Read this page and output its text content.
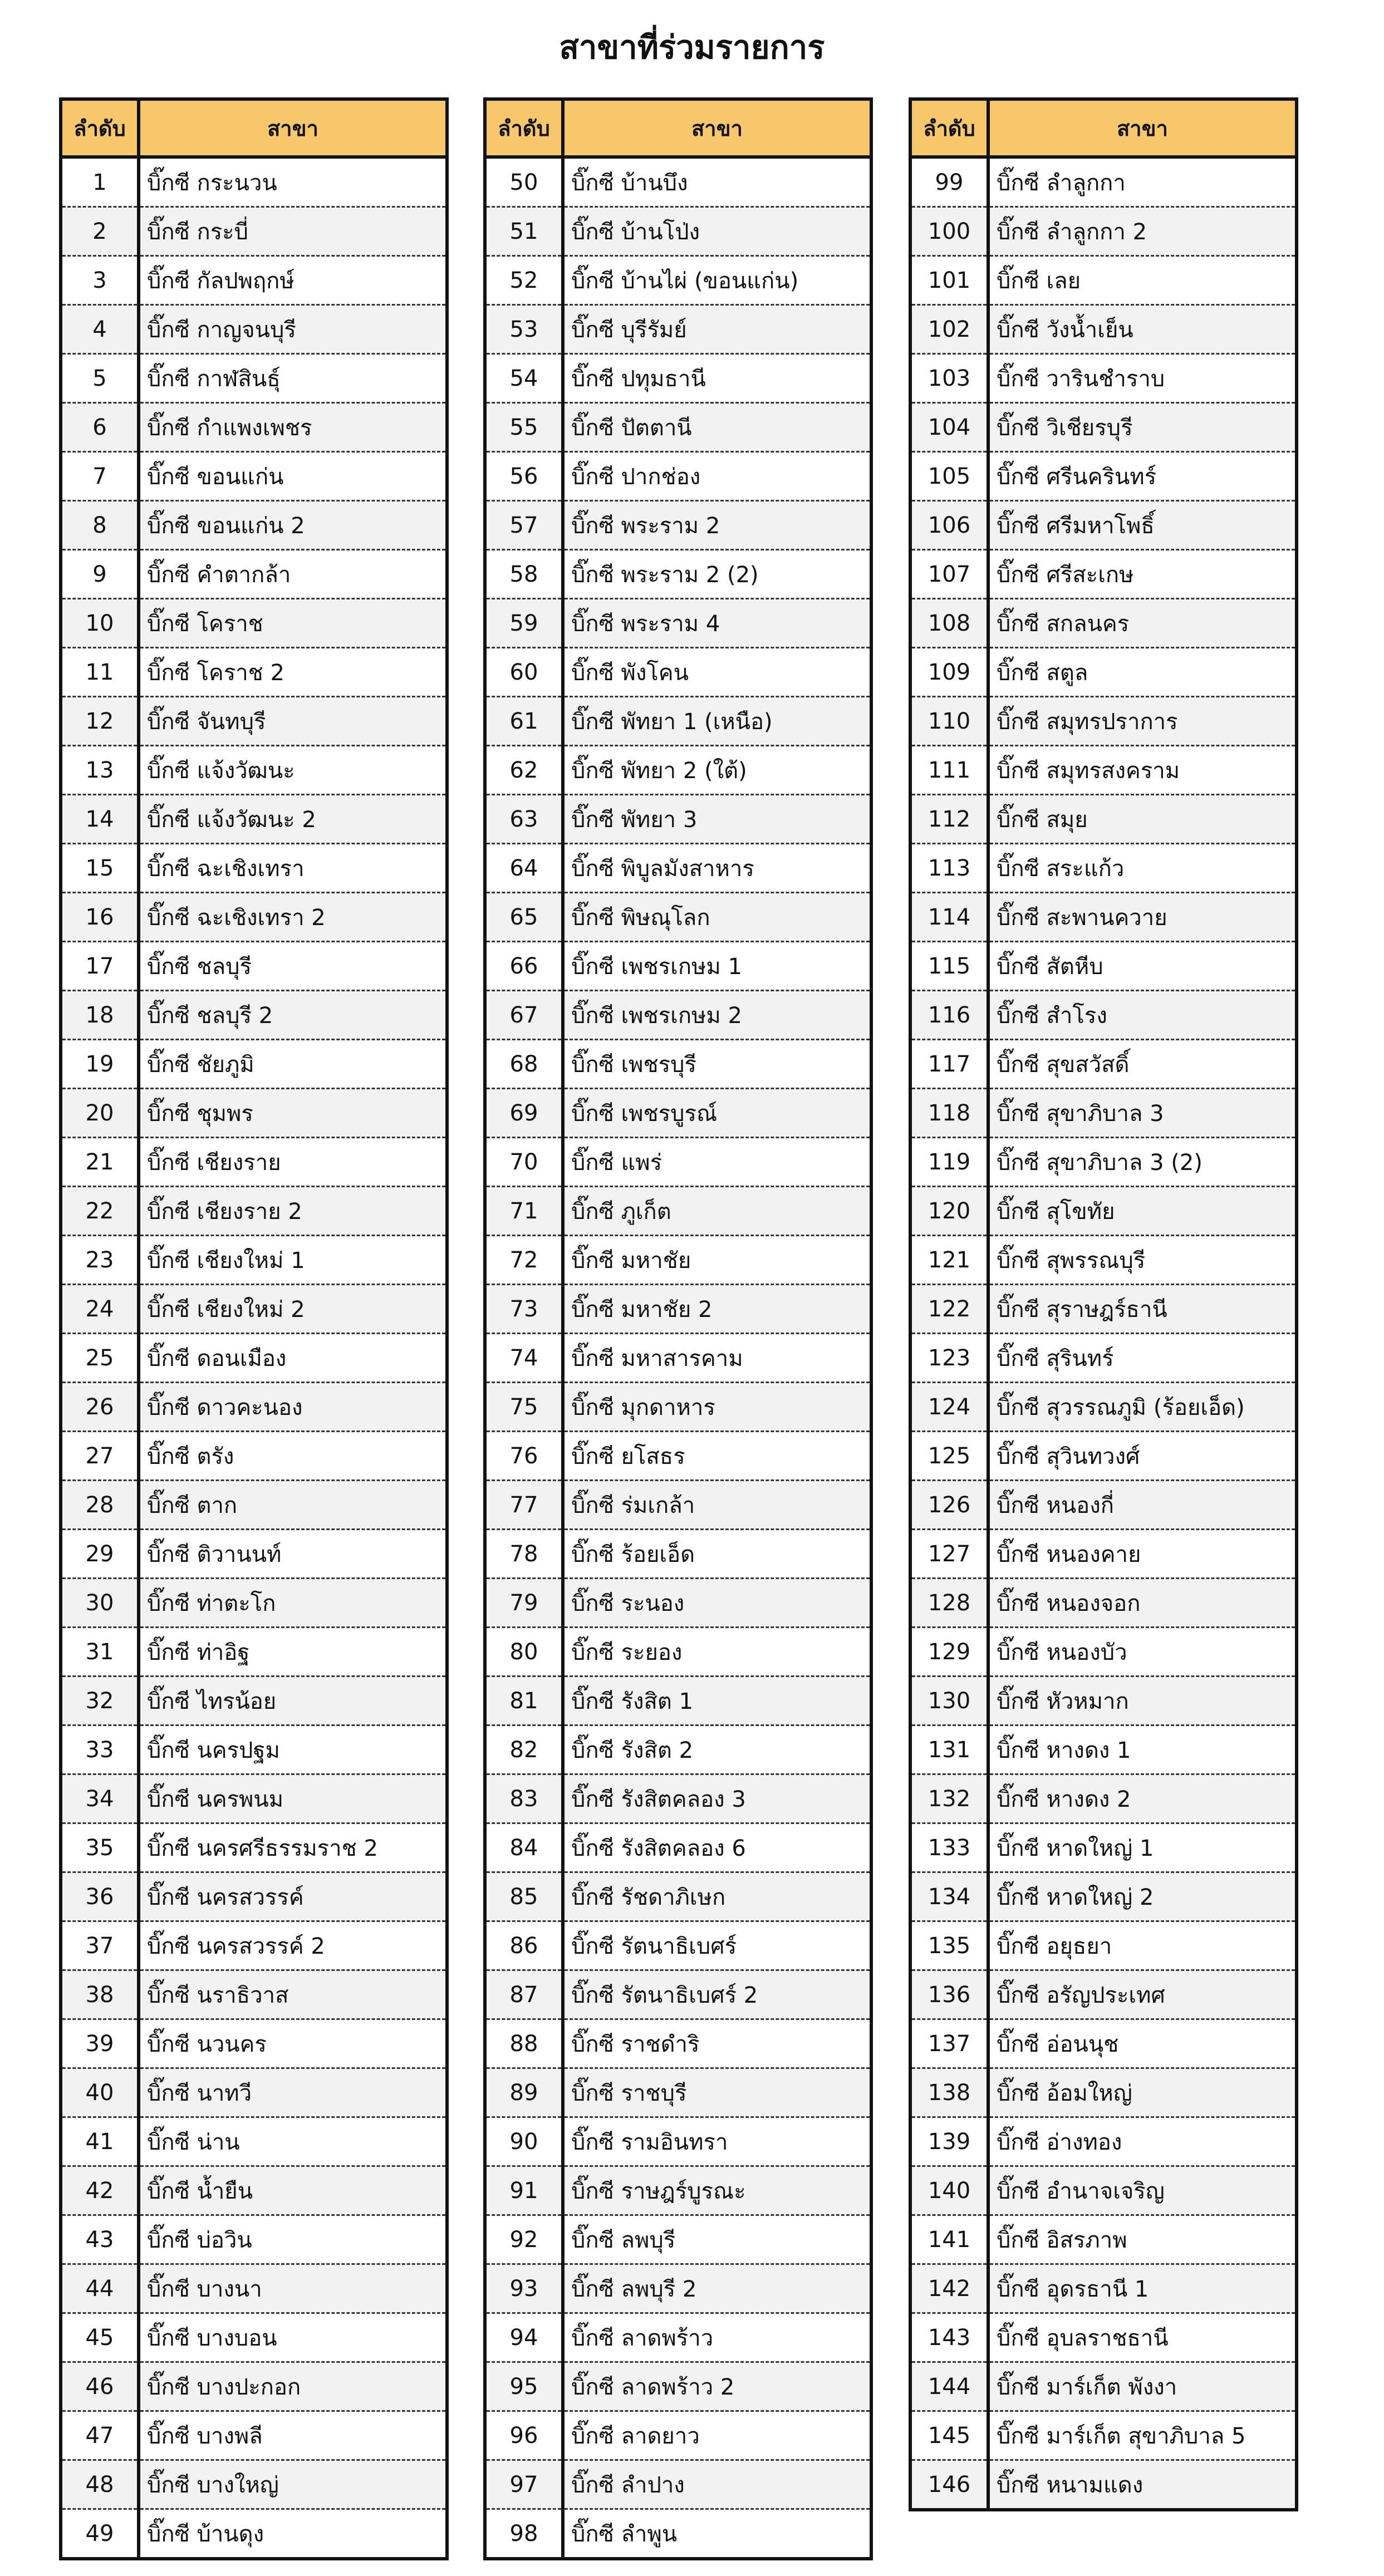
สาขาที่ร่วมรายการ
ลำดับ	สาขา
1	บิ๊กซี กระนวน
2	บิ๊กซี กระบี่
3	บิ๊กซี กัลปพฤกษ์
4	บิ๊กซี กาญจนบุรี
5	บิ๊กซี กาฬสินธุ์
6	บิ๊กซี กำแพงเพชร
7	บิ๊กซี ขอนแก่น
8	บิ๊กซี ขอนแก่น 2
9	บิ๊กซี คำตากล้า
10	บิ๊กซี โคราช
11	บิ๊กซี โคราช 2
12	บิ๊กซี จันทบุรี
13	บิ๊กซี แจ้งวัฒนะ
14	บิ๊กซี แจ้งวัฒนะ 2
15	บิ๊กซี ฉะเชิงเทรา
16	บิ๊กซี ฉะเชิงเทรา 2
17	บิ๊กซี ชลบุรี
18	บิ๊กซี ชลบุรี 2
19	บิ๊กซี ชัยภูมิ
20	บิ๊กซี ชุมพร
21	บิ๊กซี เชียงราย
22	บิ๊กซี เชียงราย 2
23	บิ๊กซี เชียงใหม่ 1
24	บิ๊กซี เชียงใหม่ 2
25	บิ๊กซี ดอนเมือง
26	บิ๊กซี ดาวคะนอง
27	บิ๊กซี ตรัง
28	บิ๊กซี ตาก
29	บิ๊กซี ติวานนท์
30	บิ๊กซี ท่าตะโก
31	บิ๊กซี ท่าอิฐ
32	บิ๊กซี ไทรน้อย
33	บิ๊กซี นครปฐม
34	บิ๊กซี นครพนม
35	บิ๊กซี นครศรีธรรมราช 2
36	บิ๊กซี นครสวรรค์
37	บิ๊กซี นครสวรรค์ 2
38	บิ๊กซี นราธิวาส
39	บิ๊กซี นวนคร
40	บิ๊กซี นาทวี
41	บิ๊กซี น่าน
42	บิ๊กซี น้ำยืน
43	บิ๊กซี บ่อวิน
44	บิ๊กซี บางนา
45	บิ๊กซี บางบอน
46	บิ๊กซี บางปะกอก
47	บิ๊กซี บางพลี
48	บิ๊กซี บางใหญ่
49	บิ๊กซี บ้านดุง
ลำดับ	สาขา
50	บิ๊กซี บ้านบึง
51	บิ๊กซี บ้านโป่ง
52	บิ๊กซี บ้านไผ่ (ขอนแก่น)
53	บิ๊กซี บุรีรัมย์
54	บิ๊กซี ปทุมธานี
55	บิ๊กซี ปัตตานี
56	บิ๊กซี ปากช่อง
57	บิ๊กซี พระราม 2
58	บิ๊กซี พระราม 2 (2)
59	บิ๊กซี พระราม 4
60	บิ๊กซี พังโคน
61	บิ๊กซี พัทยา 1 (เหนือ)
62	บิ๊กซี พัทยา 2 (ใต้)
63	บิ๊กซี พัทยา 3
64	บิ๊กซี พิบูลมังสาหาร
65	บิ๊กซี พิษณุโลก
66	บิ๊กซี เพชรเกษม 1
67	บิ๊กซี เพชรเกษม 2
68	บิ๊กซี เพชรบุรี
69	บิ๊กซี เพชรบูรณ์
70	บิ๊กซี แพร่
71	บิ๊กซี ภูเก็ต
72	บิ๊กซี มหาชัย
73	บิ๊กซี มหาชัย 2
74	บิ๊กซี มหาสารคาม
75	บิ๊กซี มุกดาหาร
76	บิ๊กซี ยโสธร
77	บิ๊กซี ร่มเกล้า
78	บิ๊กซี ร้อยเอ็ด
79	บิ๊กซี ระนอง
80	บิ๊กซี ระยอง
81	บิ๊กซี รังสิต 1
82	บิ๊กซี รังสิต 2
83	บิ๊กซี รังสิตคลอง 3
84	บิ๊กซี รังสิตคลอง 6
85	บิ๊กซี รัชดาภิเษก
86	บิ๊กซี รัตนาธิเบศร์
87	บิ๊กซี รัตนาธิเบศร์ 2
88	บิ๊กซี ราชดำริ
89	บิ๊กซี ราชบุรี
90	บิ๊กซี รามอินทรา
91	บิ๊กซี ราษฎร์บูรณะ
92	บิ๊กซี ลพบุรี
93	บิ๊กซี ลพบุรี 2
94	บิ๊กซี ลาดพร้าว
95	บิ๊กซี ลาดพร้าว 2
96	บิ๊กซี ลาดยาว
97	บิ๊กซี ลำปาง
98	บิ๊กซี ลำพูน
ลำดับ	สาขา
99	บิ๊กซี ลำลูกกา
100	บิ๊กซี ลำลูกกา 2
101	บิ๊กซี เลย
102	บิ๊กซี วังน้ำเย็น
103	บิ๊กซี วารินชำราบ
104	บิ๊กซี วิเชียรบุรี
105	บิ๊กซี ศรีนครินทร์
106	บิ๊กซี ศรีมหาโพธิ์
107	บิ๊กซี ศรีสะเกษ
108	บิ๊กซี สกลนคร
109	บิ๊กซี สตูล
110	บิ๊กซี สมุทรปราการ
111	บิ๊กซี สมุทรสงคราม
112	บิ๊กซี สมุย
113	บิ๊กซี สระแก้ว
114	บิ๊กซี สะพานควาย
115	บิ๊กซี สัตหีบ
116	บิ๊กซี สำโรง
117	บิ๊กซี สุขสวัสดิ์
118	บิ๊กซี สุขาภิบาล 3
119	บิ๊กซี สุขาภิบาล 3 (2)
120	บิ๊กซี สุโขทัย
121	บิ๊กซี สุพรรณบุรี
122	บิ๊กซี สุราษฎร์ธานี
123	บิ๊กซี สุรินทร์
124	บิ๊กซี สุวรรณภูมิ (ร้อยเอ็ด)
125	บิ๊กซี สุวินทวงศ์
126	บิ๊กซี หนองกี่
127	บิ๊กซี หนองคาย
128	บิ๊กซี หนองจอก
129	บิ๊กซี หนองบัว
130	บิ๊กซี หัวหมาก
131	บิ๊กซี หางดง 1
132	บิ๊กซี หางดง 2
133	บิ๊กซี หาดใหญ่ 1
134	บิ๊กซี หาดใหญ่ 2
135	บิ๊กซี อยุธยา
136	บิ๊กซี อรัญประเทศ
137	บิ๊กซี อ่อนนุช
138	บิ๊กซี อ้อมใหญ่
139	บิ๊กซี อ่างทอง
140	บิ๊กซี อำนาจเจริญ
141	บิ๊กซี อิสรภาพ
142	บิ๊กซี อุดรธานี 1
143	บิ๊กซี อุบลราชธานี
144	บิ๊กซี มาร์เก็ต พังงา
145	บิ๊กซี มาร์เก็ต สุขาภิบาล 5
146	บิ๊กซี หนามแดง
